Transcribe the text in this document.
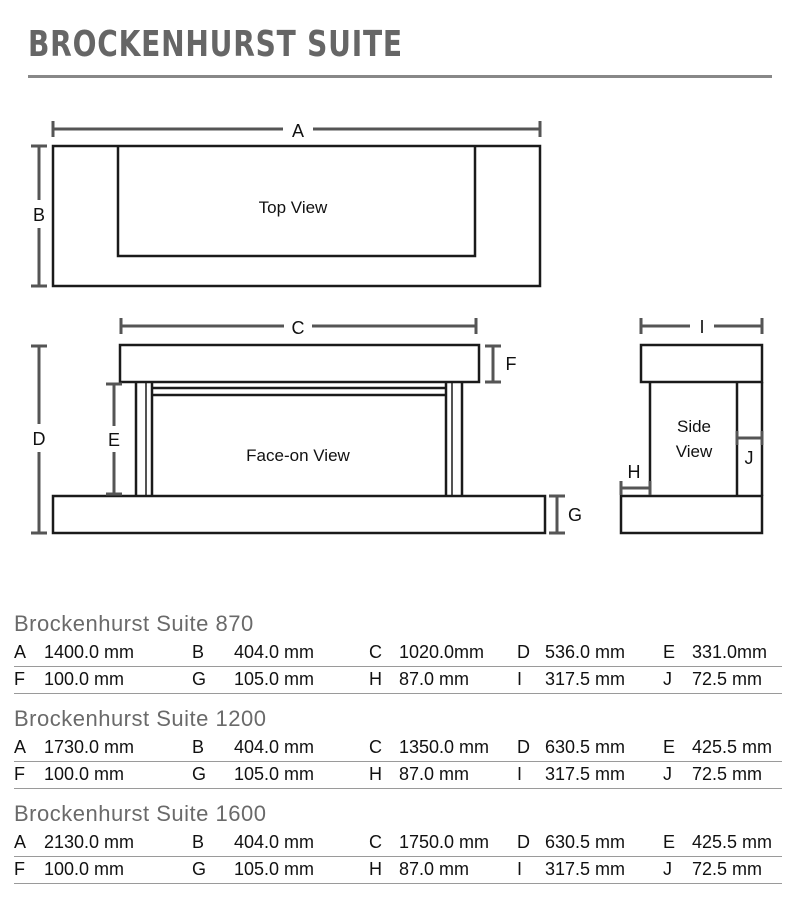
BROCKENHURST SUITE
A
B
C
D	E
F
G
H
I
J
Top View
Face-on View
Side
View
Brockenhurst Suite 870
A 1400.0 mm	B 404.0 mm	C 1020.0mm D 536.0 mm E 331.0mm
F 100.0 mm	G 105.0 mm	H 87.0 mm	I 317.5 mm J 72.5 mm
Brockenhurst Suite 1200
A 1730.0 mm	B 404.0 mm	C 1350.0 mm D 630.5 mm E 425.5 mm
F 100.0 mm	G 105.0 mm	H 87.0 mm	I 317.5 mm J 72.5 mm
Brockenhurst Suite 1600
A 2130.0 mm	B 404.0 mm	C 1750.0 mm D 630.5 mm E 425.5 mm
F 100.0 mm	G 105.0 mm	H 87.0 mm	I 317.5 mm J 72.5 mm
